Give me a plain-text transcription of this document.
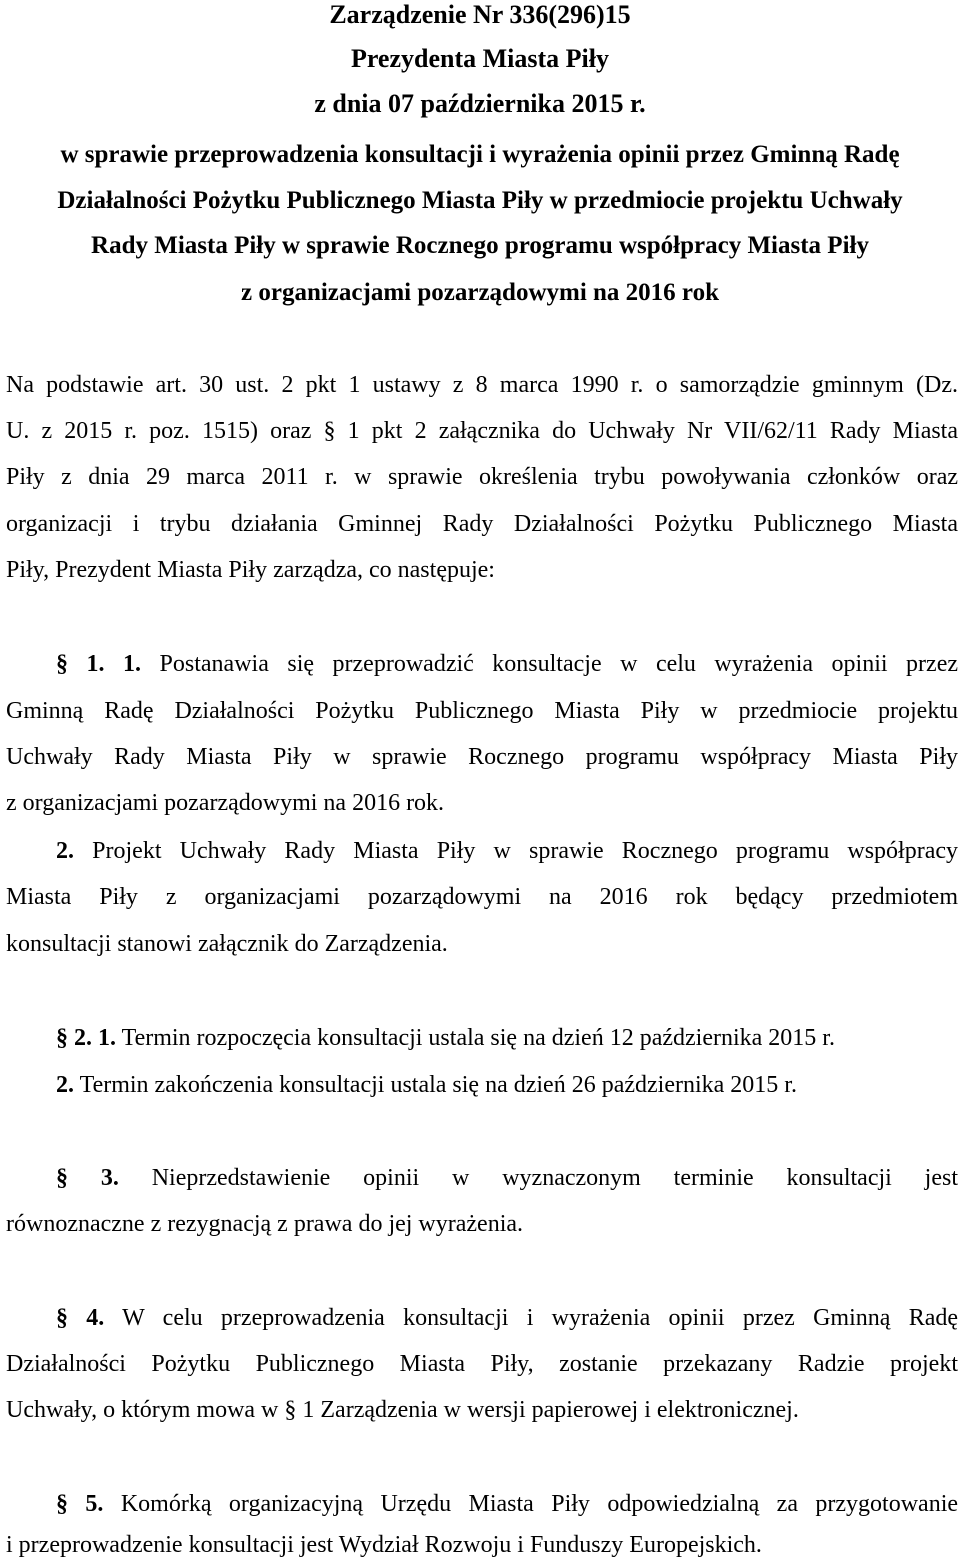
Zarządzenie Nr 336(296)15
Prezydenta Miasta Piły
z dnia 07 października 2015 r.
w sprawie przeprowadzenia konsultacji i wyrażenia opinii przez Gminną Radę
Działalności Pożytku Publicznego Miasta Piły w przedmiocie projektu Uchwały
Rady Miasta Piły w sprawie Rocznego programu współpracy Miasta Piły
z organizacjami pozarządowymi na 2016 rok
Na podstawie art. 30 ust. 2 pkt 1 ustawy z 8 marca 1990 r. o samorządzie gminnym (Dz.
U. z 2015 r. poz. 1515) oraz § 1 pkt 2 załącznika do Uchwały Nr VII/62/11 Rady Miasta
Piły z dnia 29 marca 2011 r. w sprawie określenia trybu powoływania członków oraz
organizacji i trybu działania Gminnej Rady Działalności Pożytku Publicznego Miasta
Piły, Prezydent Miasta Piły zarządza, co następuje:
§ 1. 1. Postanawia się przeprowadzić konsultacje w celu wyrażenia opinii przez
Gminną Radę Działalności Pożytku Publicznego Miasta Piły w przedmiocie projektu
Uchwały Rady Miasta Piły w sprawie Rocznego programu współpracy Miasta Piły
z organizacjami pozarządowymi na 2016 rok.
2. Projekt Uchwały Rady Miasta Piły w sprawie Rocznego programu współpracy
Miasta Piły z organizacjami pozarządowymi na 2016 rok będący przedmiotem
konsultacji stanowi załącznik do Zarządzenia.
§ 2. 1. Termin rozpoczęcia konsultacji ustala się na dzień 12 października 2015 r.
2. Termin zakończenia konsultacji ustala się na dzień 26 października 2015 r.
§ 3. Nieprzedstawienie opinii w wyznaczonym terminie konsultacji jest
równoznaczne z rezygnacją z prawa do jej wyrażenia.
§ 4. W celu przeprowadzenia konsultacji i wyrażenia opinii przez Gminną Radę
Działalności Pożytku Publicznego Miasta Piły, zostanie przekazany Radzie projekt
Uchwały, o którym mowa w § 1 Zarządzenia w wersji papierowej i elektronicznej.
§ 5. Komórką organizacyjną Urzędu Miasta Piły odpowiedzialną za przygotowanie
i przeprowadzenie konsultacji jest Wydział Rozwoju i Funduszy Europejskich.
